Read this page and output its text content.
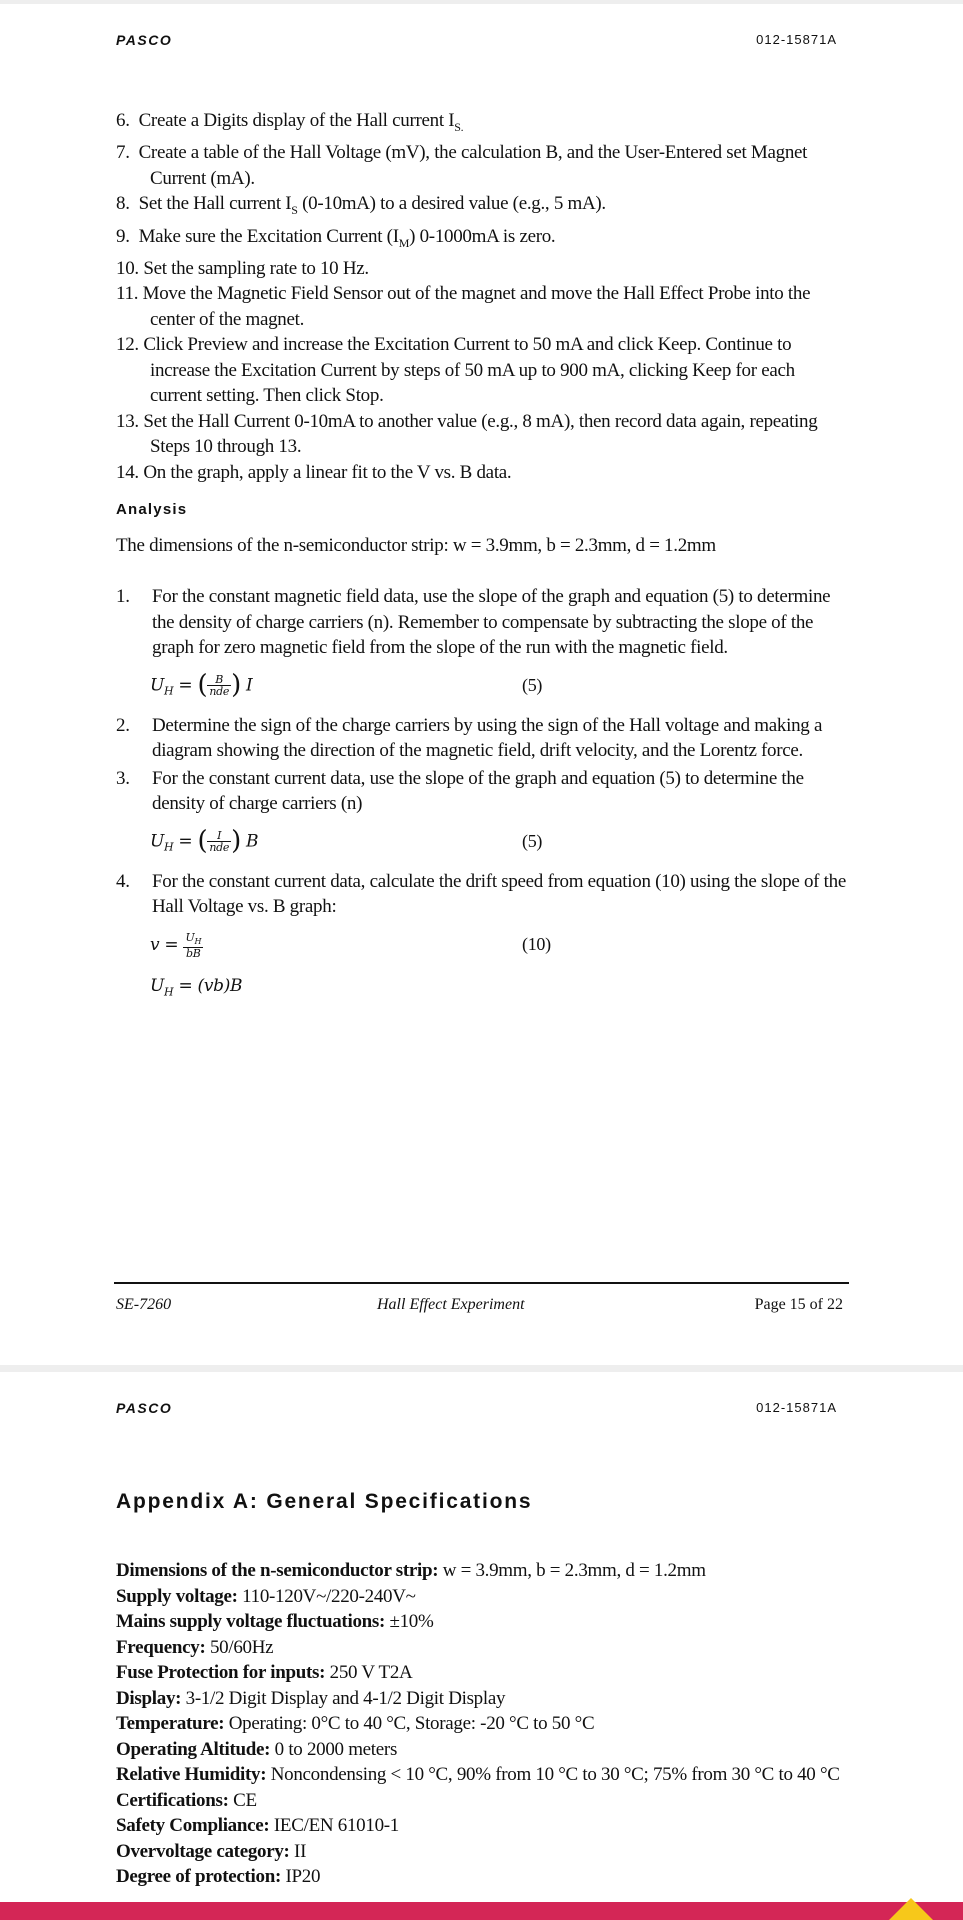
PASCO	012-15871A
6. Create a Digits display of the Hall current $I_{S.}$
7. Create a table of the Hall Voltage (mV), the calculation B, and the User-Entered set Magnet Current (mA).
8. Set the Hall current $I_S$ (0-10mA) to a desired value (e.g., 5 mA).
9. Make sure the Excitation Current $(I_M)$ 0-1000mA is zero.
10. Set the sampling rate to 10 Hz.
11. Move the Magnetic Field Sensor out of the magnet and move the Hall Effect Probe into the center of the magnet.
12. Click Preview and increase the Excitation Current to 50 mA and click Keep. Continue to increase the Excitation Current by steps of 50 mA up to 900 mA, clicking Keep for each current setting. Then click Stop.
13. Set the Hall Current 0-10mA to another value (e.g., 8 mA), then record data again, repeating Steps 10 through 13.
14. On the graph, apply a linear fit to the V vs. B data.
Analysis
The dimensions of the n-semiconductor strip: w = 3.9mm, b = 2.3mm, d = 1.2mm
1. For the constant magnetic field data, use the slope of the graph and equation (5) to determine the density of charge carriers (n). Remember to compensate by subtracting the slope of the graph for zero magnetic field from the slope of the run with the magnetic field.
$U_H$ = ( $\frac{B}{\text{nde}}$ ) I	(5)
2. Determine the sign of the charge carriers by using the sign of the Hall voltage and making a diagram showing the direction of the magnetic field, drift velocity, and the Lorentz force.
3. For the constant current data, use the slope of the graph and equation (5) to determine the density of charge carriers (n)
$U_H$ = ( $\frac{I}{\text{nde}}$ ) B	(5)
4. For the constant current data, calculate the drift speed from equation (10) using the slope of the Hall Voltage vs. B graph:
$v = \frac{U_H}{bB}$	(10)
$U_H = (vb)B$
SE-7260	Hall Effect Experiment	Page 15 of 22
PASCO	012-15871A
Appendix A: General Specifications
Dimensions of the n-semiconductor strip: w = 3.9mm, b = 2.3mm, d = 1.2mm
Supply voltage: 110-120V~/220-240V~
Mains supply voltage fluctuations: ±10%
Frequency: 50/60Hz
Fuse Protection for inputs: 250 V T2A
Display: 3-1/2 Digit Display and 4-1/2 Digit Display
Temperature: Operating: 0°C to 40 °C, Storage: -20 °C to 50 °C
Operating Altitude: 0 to 2000 meters
Relative Humidity: Noncondensing < 10 °C, 90% from 10 °C to 30 °C; 75% from 30 °C to 40 °C
Certifications: CE
Safety Compliance: IEC/EN 61010-1
Overvoltage category: II
Degree of protection: IP20
